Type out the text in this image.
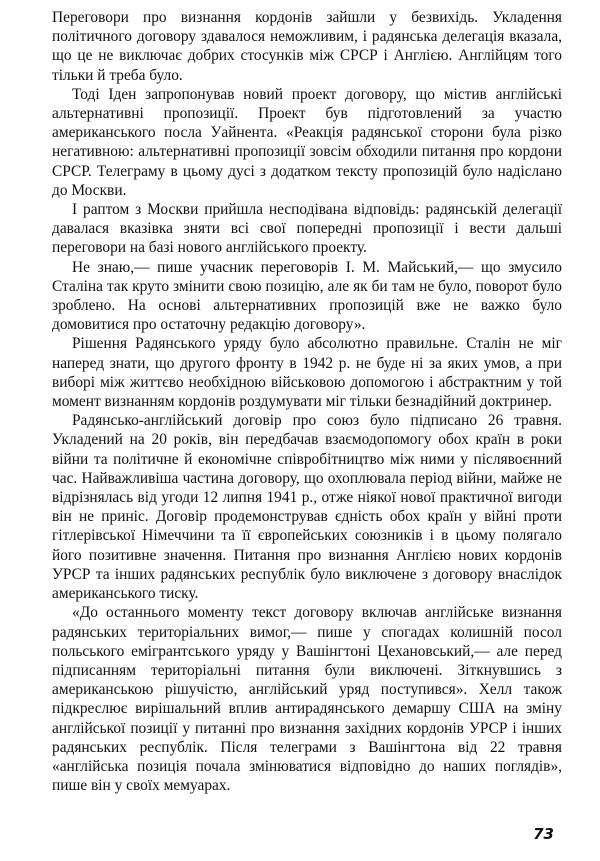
Переговори про визнання кордонів зайшли у безвихідь. Укладення політичного договору здавалося неможливим, і радянська делегація вказала, що це не виключає добрих стосунків між СРСР і Англією. Англійцям того тільки й треба було.

Тоді Іден запропонував новий проект договору, що містив англійські альтернативні пропозиції. Проект був підготовлений за участю американського посла Уайнента. «Реакція радянської сторони була різко негативною: альтернативні пропозиції зовсім обходили питання про кордони СРСР. Телеграму в цьому дусі з додатком тексту пропозицій було надіслано до Москви.

І раптом з Москви прийшла несподівана відповідь: радянській делегації давалася вказівка зняти всі свої попередні пропозиції і вести дальші переговори на базі нового англійського проекту.

Не знаю,— пише учасник переговорів І. М. Майський,— що змусило Сталіна так круто змінити свою позицію, але як би там не було, поворот було зроблено. На основі альтернативних пропозицій вже не важко було домовитися про остаточну редакцію договору».

Рішення Радянського уряду було абсолютно правильне. Сталін не міг наперед знати, що другого фронту в 1942 р. не буде ні за яких умов, а при виборі між життєво необхідною військовою допомогою і абстрактним у той момент визнанням кордонів роздумувати міг тільки безнадійний доктринер.

Радянсько-англійський договір про союз було підписано 26 травня. Укладений на 20 років, він передбачав взаємодопомогу обох країн в роки війни та політичне й економічне співробітництво між ними у післявоєнний час. Найважливіша частина договору, що охоплювала період війни, майже не відрізнялась від угоди 12 липня 1941 р., отже ніякої нової практичної вигоди він не приніс. Договір продемонстрував єдність обох країн у війні проти гітлерівської Німеччини та її європейських союзників і в цьому полягало його позитивне значення. Питання про визнання Англією нових кордонів УРСР та інших радянських республік було виключене з договору внаслідок американського тиску.

«До останнього моменту текст договору включав англійське визнання радянських територіальних вимог,— пише у спогадах колишній посол польського емігрантського уряду у Вашінгтоні Цехановський,— але перед підписанням територіальні питання були виключені. Зіткнувшись з американською рішучістю, англійський уряд поступився». Хелл також підкреслює вирішальний вплив антирадянського демаршу США на зміну англійської позиції у питанні про визнання західних кордонів УРСР і інших радянських республік. Після телеграми з Вашінгтона від 22 травня «англійська позиція почала змінюватися відповідно до наших поглядів», пише він у своїх мемуарах.

73
